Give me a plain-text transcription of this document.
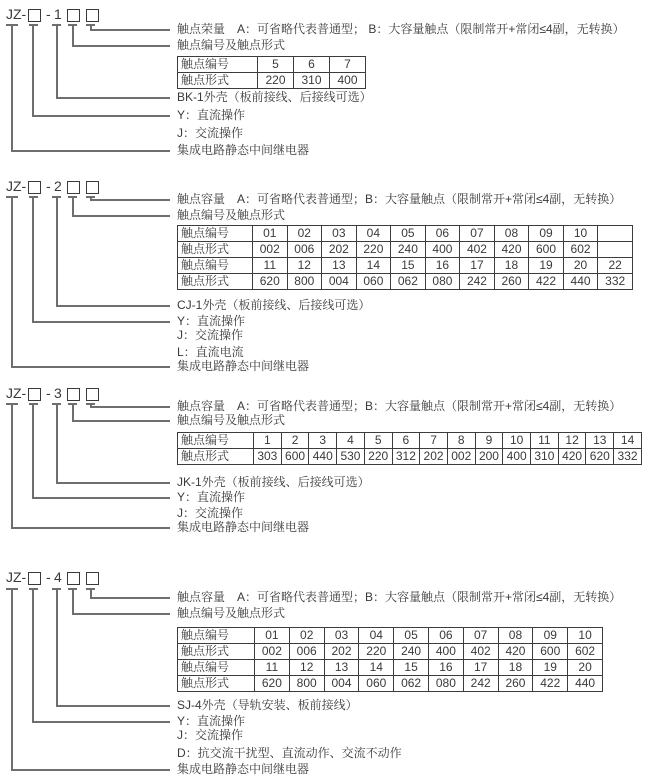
JZ- - 1
触点荣量　A：可省略代表普通型； B：大容量触点（限制常开+常闭≤4副，无转换）
触点编号及触点形式
触点编号	5	6	7
触点形式	220	310	400
BK-1外壳（板前接线、后接线可选）
Y：直流操作
J：交流操作
集成电路静态中间继电器
JZ- - 2
触点容量　A：可省略代表普通型；B：大容量触点（限制常开+常闭≤4副，无转换）
触点编号及触点形式
触点编号	01	02	03	04	05	06	07	08	09	10	
触点形式	002	006	202	220	240	400	402	420	600	602	
触点编号	11	12	13	14	15	16	17	18	19	20	22
触点形式	620	800	004	060	062	080	242	260	422	440	332
CJ-1外壳（板前接线、后接线可选）
Y：直流操作
J：交流操作
L：直流电流
集成电路静态中间继电器
JZ- - 3
触点容量　A：可省略代表普通型；B：大容量触点（限制常开+常闭≤4副，无转换）
触点编号及触点形式
触点编号	1	2	3	4	5	6	7	8	9	10	11	12	13	14
触点形式	303	600	440	530	220	312	202	002	200	400	310	420	620	332
JK-1外壳（板前接线、后接线可选）
Y：直流操作
J：交流操作
集成电路静态中间继电器
JZ- - 4
触点容量　A：可省略代表普通型；B：大容量触点（限制常开+常闭≤4副，无转换）
触点编号及触点形式
触点编号	01	02	03	04	05	06	07	08	09	10
触点形式	002	006	202	220	240	400	402	420	600	602
触点编号	11	12	13	14	15	16	17	18	19	20
触点形式	620	800	004	060	062	080	242	260	422	440
SJ-4外壳（导轨安装、板前接线）
Y：直流操作
J：交流操作
D：抗交流干扰型、直流动作、交流不动作
集成电路静态中间继电器
